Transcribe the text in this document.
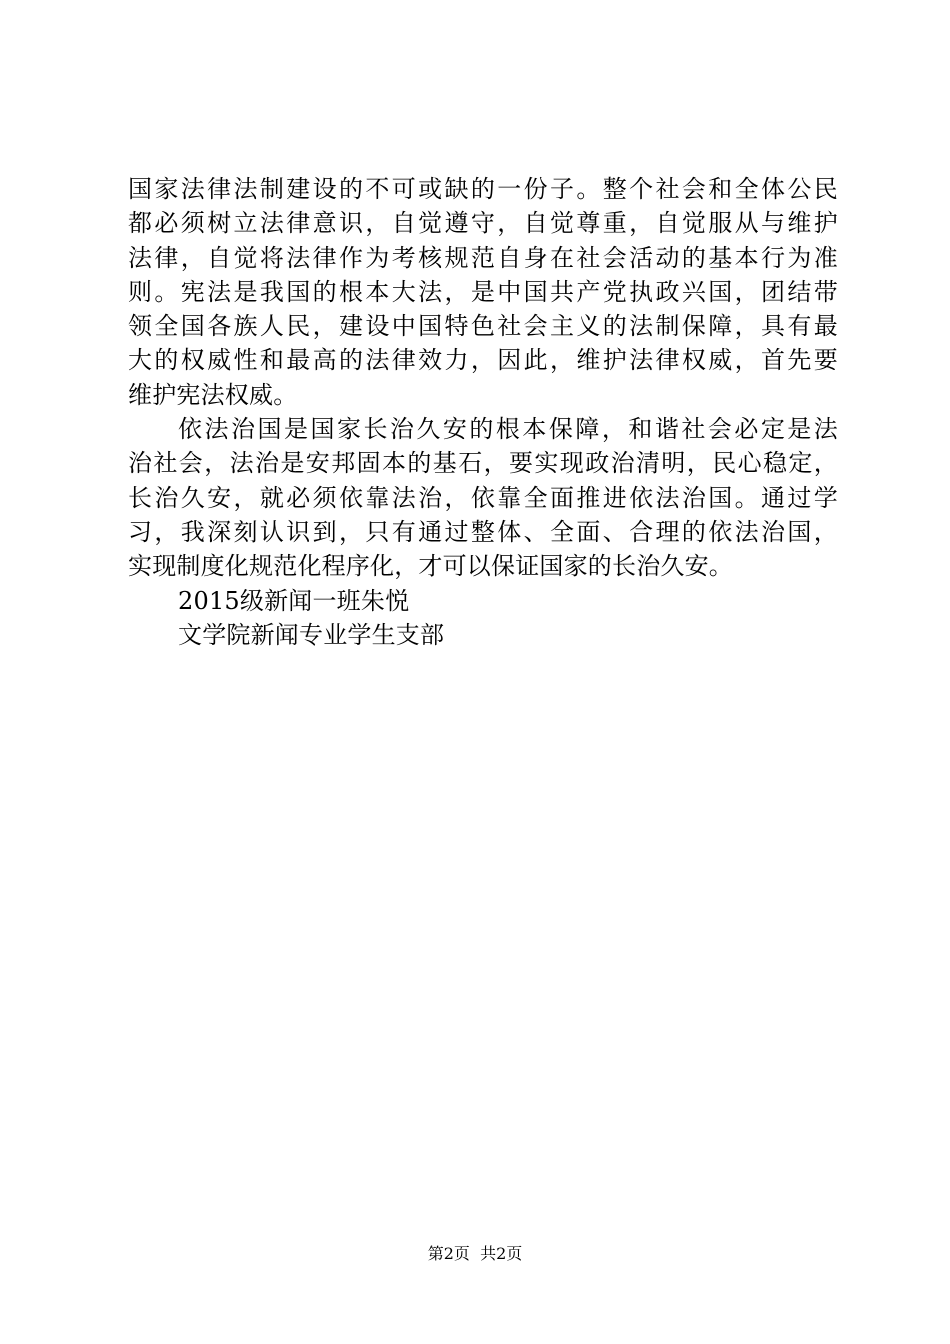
国家法律法制建设的不可或缺的一份子。整个社会和全体公民
都必须树立法律意识，自觉遵守，自觉尊重，自觉服从与维护
法律，自觉将法律作为考核规范自身在社会活动的基本行为准
则。宪法是我国的根本大法，是中国共产党执政兴国，团结带
领全国各族人民，建设中国特色社会主义的法制保障，具有最
大的权威性和最高的法律效力，因此，维护法律权威，首先要
维护宪法权威。
依法治国是国家长治久安的根本保障，和谐社会必定是法
治社会，法治是安邦固本的基石，要实现政治清明，民心稳定，
长治久安，就必须依靠法治，依靠全面推进依法治国。通过学
习，我深刻认识到，只有通过整体、全面、合理的依法治国，
实现制度化规范化程序化，才可以保证国家的长治久安。
2015级新闻一班朱悦
文学院新闻专业学生支部
第2页  共2页
